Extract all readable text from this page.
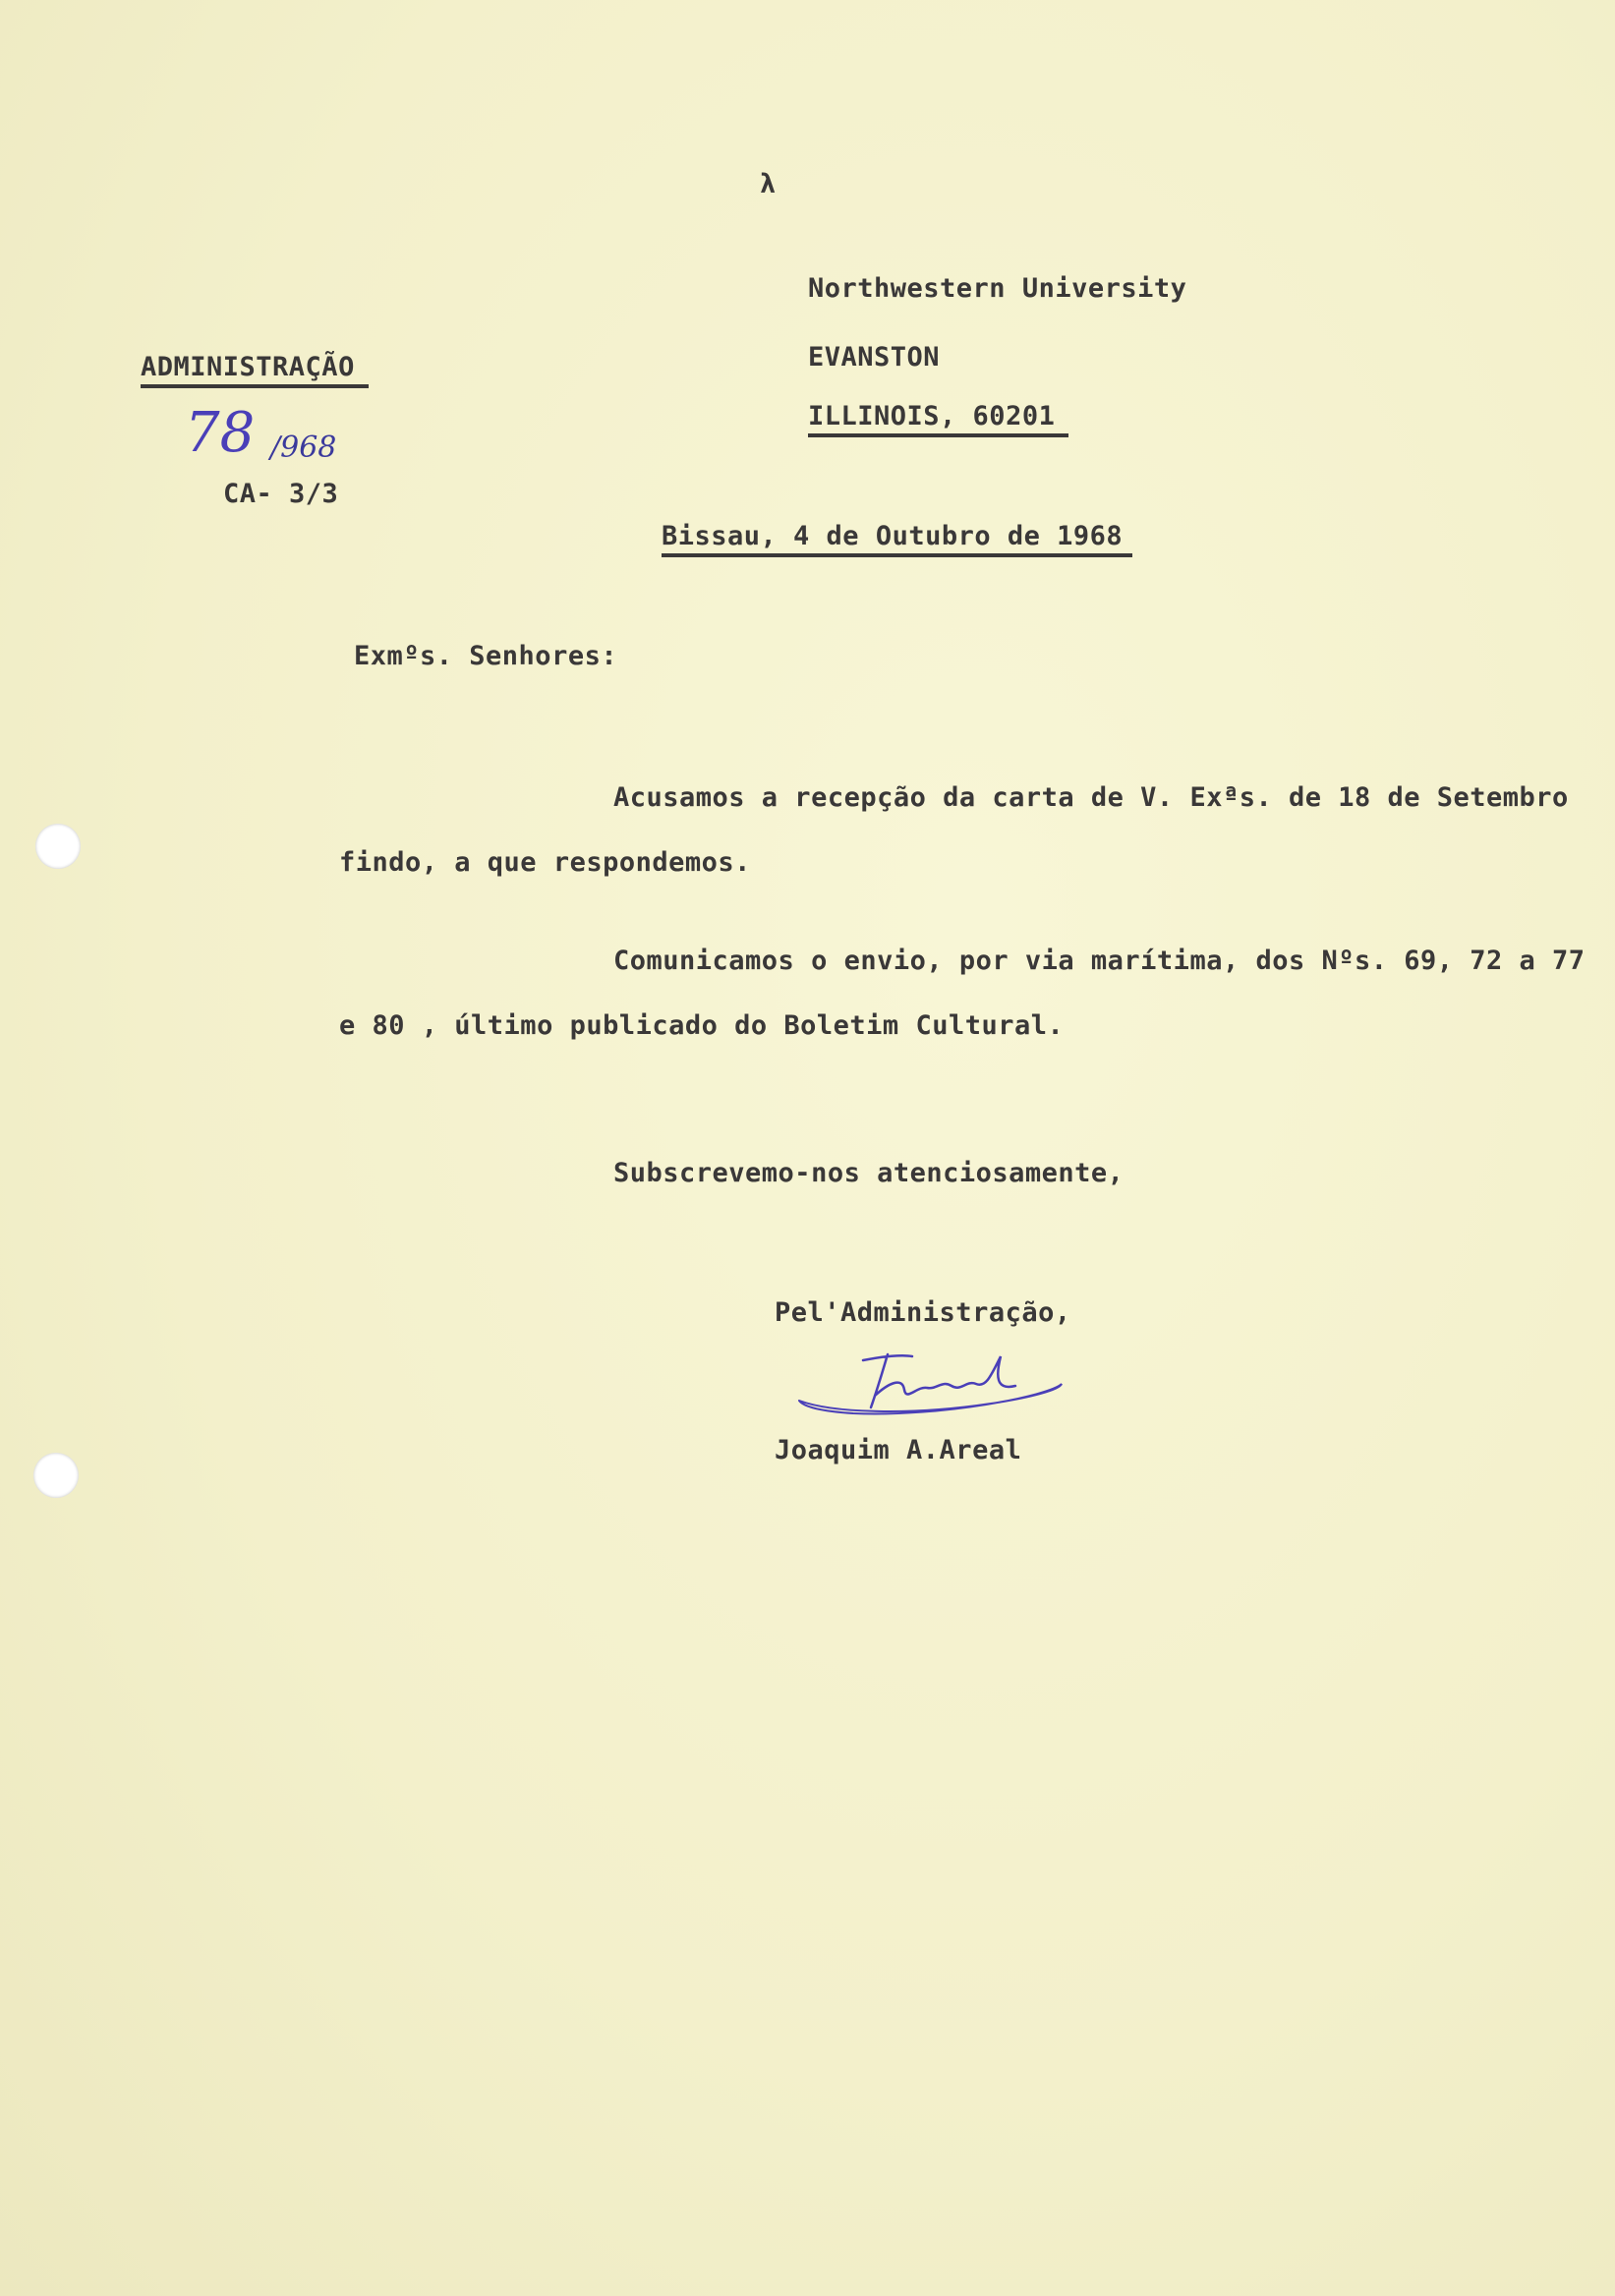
λ
Northwestern University
EVANSTON
ILLINOIS, 60201
ADMINISTRAÇÃO
78 /968
CA- 3/3
Bissau, 4 de Outubro de 1968
Exmºs. Senhores:
Acusamos a recepção da carta de V. Exªs. de 18 de Setembro
findo, a que respondemos.
Comunicamos o envio, por via marítima, dos Nºs. 69, 72 a 77
e 80 , último publicado do Boletim Cultural.
Subscrevemo-nos atenciosamente,
Pel'Administração,
Joaquim A.Areal
